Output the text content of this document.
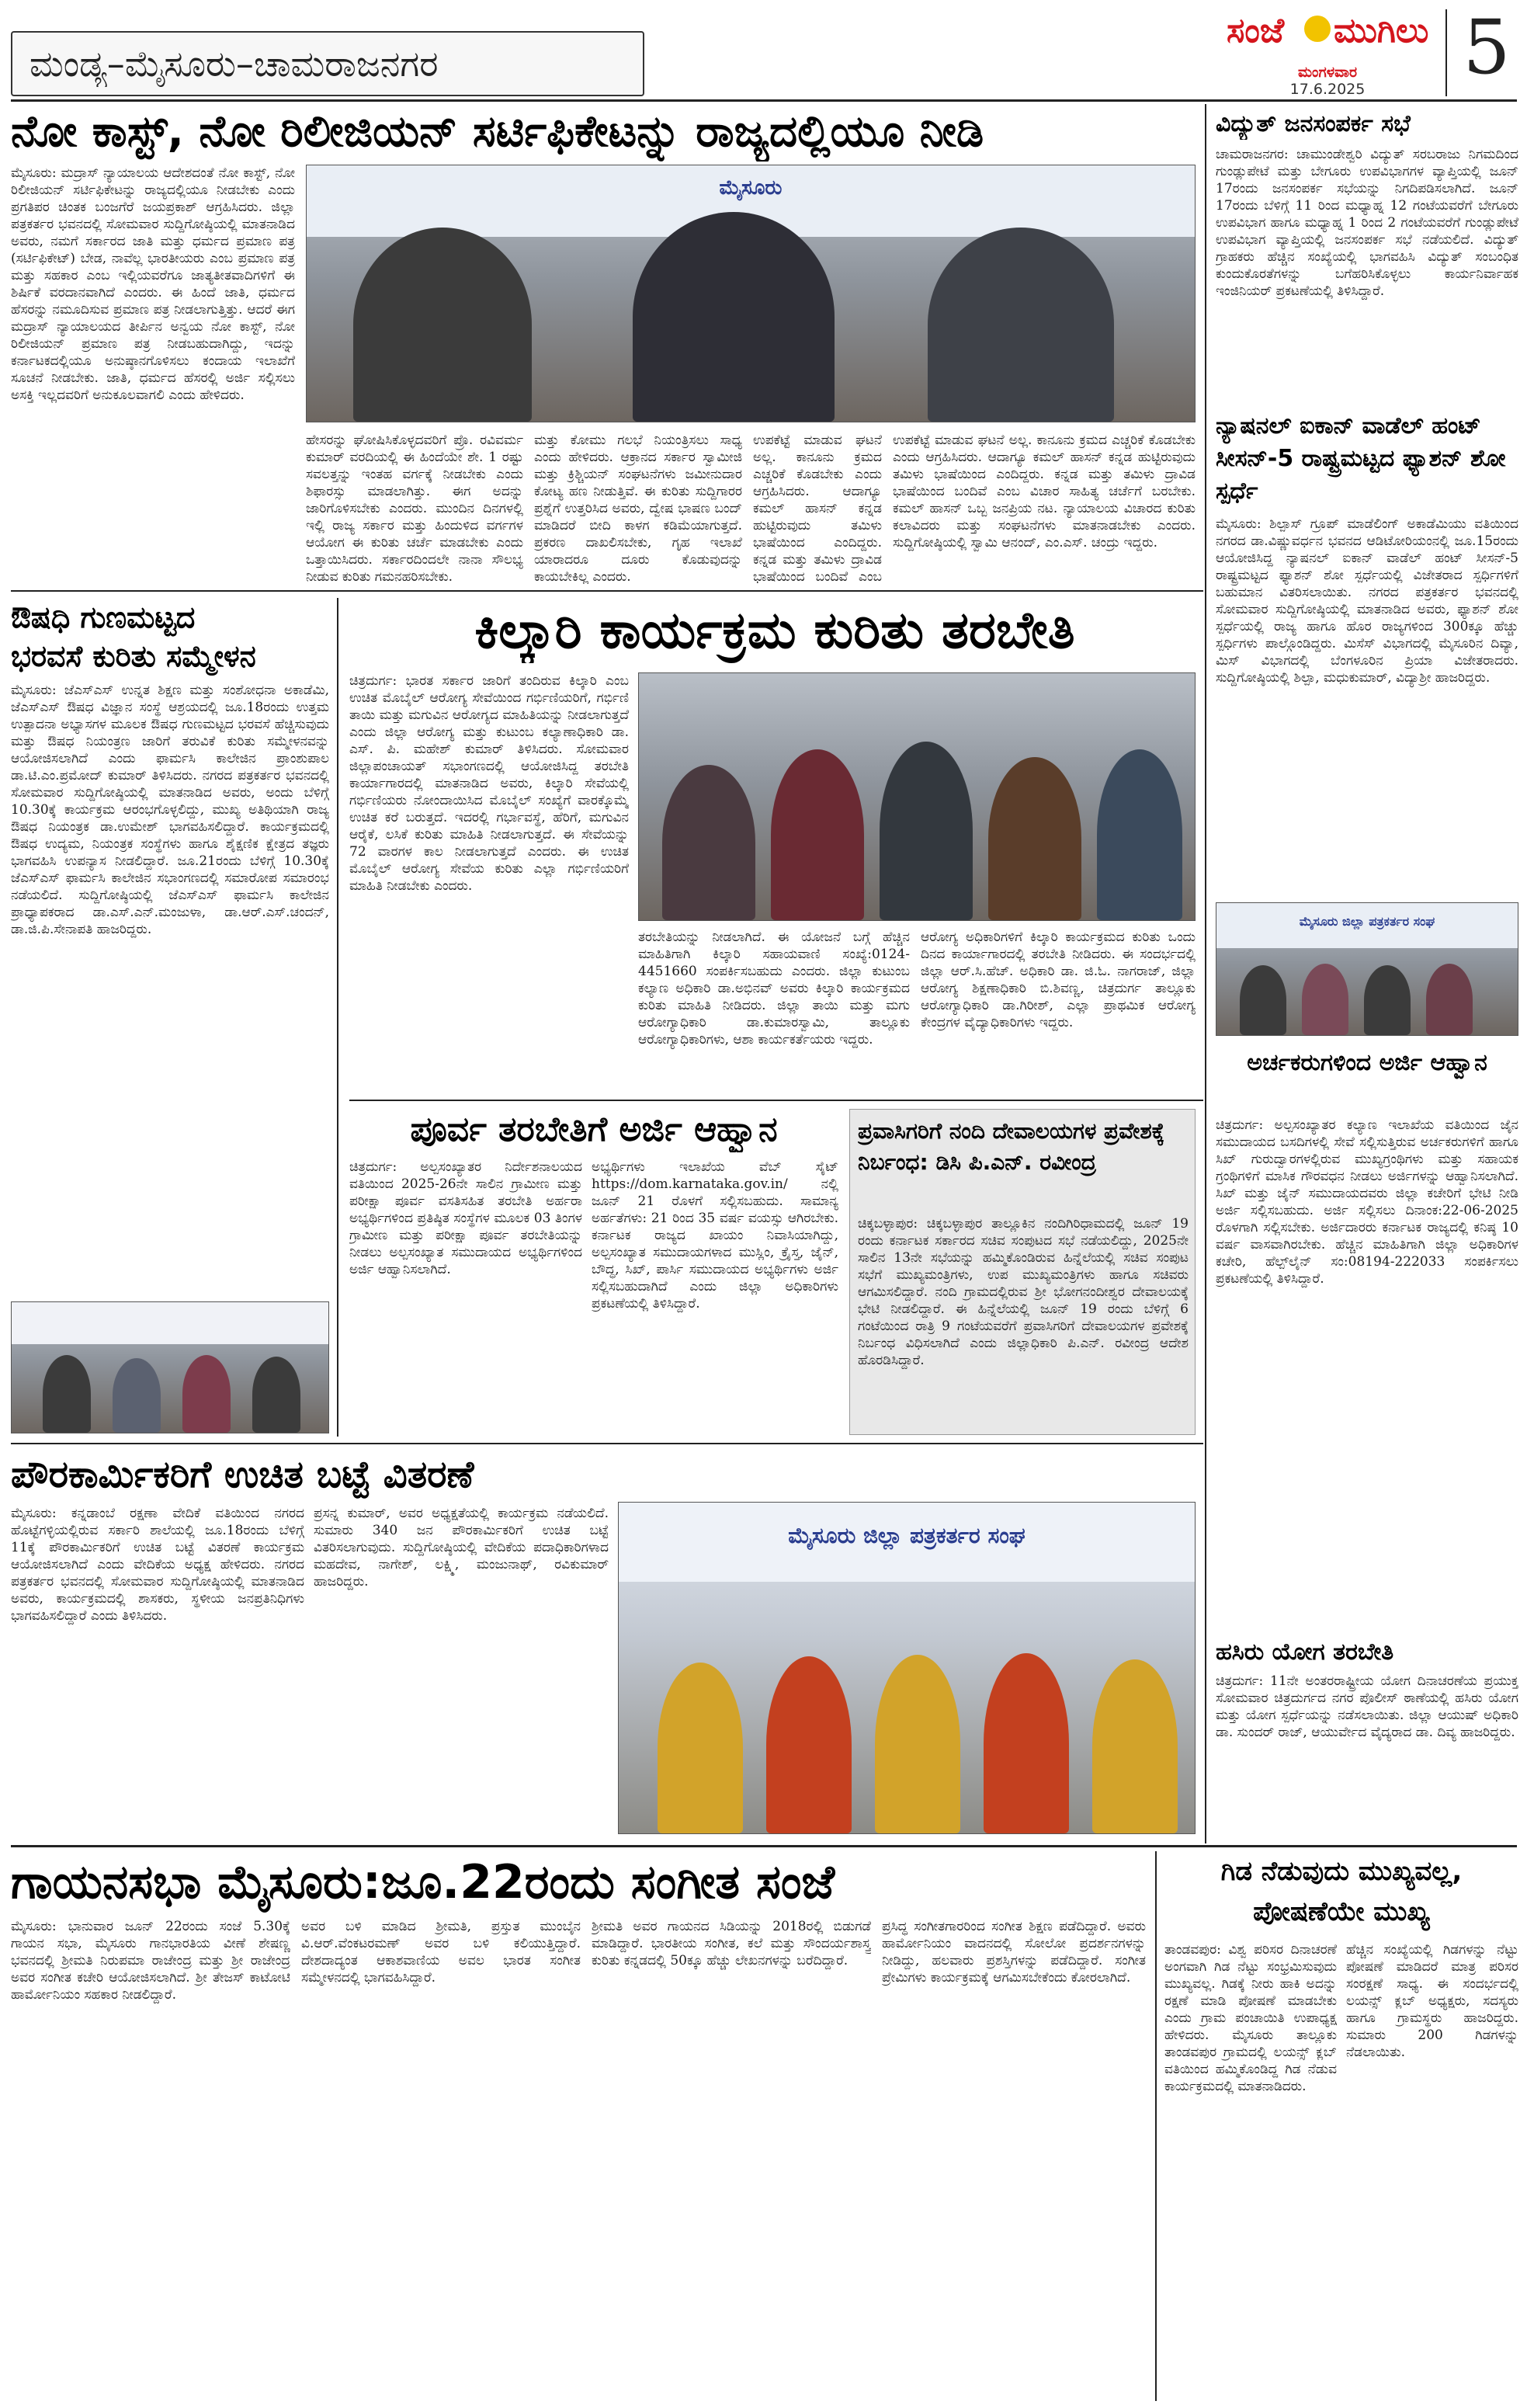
ಮಂಡ್ಯ–ಮೈಸೂರು–ಚಾಮರಾಜನಗರ
ಸಂಜೆ ಮುಗಿಲು
ಮಂಗಳವಾರ
17.6.2025 5
ನೋ ಕಾಸ್ಟ್, ನೋ ರಿಲೀಜಿಯನ್ ಸರ್ಟಿಫಿಕೇಟನ್ನು ರಾಜ್ಯದಲ್ಲಿಯೂ ನೀಡಿ
ಮೈಸೂರು: ಮದ್ರಾಸ್ ನ್ಯಾಯಾಲಯ ಆದೇಶದಂತೆ ನೋ ಕಾಸ್ಟ್, ನೋ ರಿಲೀಜಿಯನ್ ಸರ್ಟಿಫಿಕೇಟನ್ನು ರಾಜ್ಯದಲ್ಲಿಯೂ ನೀಡಬೇಕು ಎಂದು ಪ್ರಗತಿಪರ ಚಿಂತಕ ಬಂಜಗೆರೆ ಜಯಪ್ರಕಾಶ್ ಆಗ್ರಹಿಸಿದರು. ಜಿಲ್ಲಾ ಪತ್ರಕರ್ತರ ಭವನದಲ್ಲಿ ಸೋಮವಾರ ಸುದ್ದಿಗೋಷ್ಠಿಯಲ್ಲಿ ಮಾತನಾಡಿದ ಅವರು, ನಮಗೆ ಸರ್ಕಾರದ ಜಾತಿ ಮತ್ತು ಧರ್ಮದ ಪ್ರಮಾಣ ಪತ್ರ (ಸರ್ಟಿಫಿಕೇಟ್) ಬೇಡ, ನಾವೆಲ್ಲ ಭಾರತೀಯರು ಎಂಬ ಪ್ರಮಾಣ ಪತ್ರ ಮತ್ತು ಸಹಕಾರ ಎಂಬ ಇಲ್ಲಿಯವರೆಗೂ ಜಾತ್ಯತೀತವಾದಿಗಳಿಗೆ ಈ ಶಿರ್ಷಿಕೆ ವರದಾನವಾಗಿದೆ ಎಂದರು. ಈ ಹಿಂದೆ ಜಾತಿ, ಧರ್ಮದ ಹೆಸರನ್ನು ನಮೂದಿಸುವ ಪ್ರಮಾಣ ಪತ್ರ ನೀಡಲಾಗುತ್ತಿತ್ತು. ಆದರೆ ಈಗ ಮದ್ರಾಸ್ ನ್ಯಾಯಾಲಯದ ತೀರ್ಪಿನ ಅನ್ವಯ ನೋ ಕಾಸ್ಟ್, ನೋ ರಿಲೀಜಿಯನ್ ಪ್ರಮಾಣ ಪತ್ರ ನೀಡಬಹುದಾಗಿದ್ದು, ಇದನ್ನು ಕರ್ನಾಟಕದಲ್ಲಿಯೂ ಅನುಷ್ಠಾನಗೊಳಿಸಲು ಕಂದಾಯ ಇಲಾಖೆಗೆ ಸೂಚನೆ ನೀಡಬೇಕು. ಜಾತಿ, ಧರ್ಮದ ಹೆಸರಲ್ಲಿ ಅರ್ಜಿ ಸಲ್ಲಿಸಲು ಅಸಕ್ತಿ ಇಲ್ಲದವರಿಗೆ ಅನುಕೂಲವಾಗಲಿ ಎಂದು ಹೇಳಿದರು.
ಮೈಸೂರು
ಹೇಸರನ್ನು ಘೋಷಿಸಿಕೊಳ್ಳದವರಿಗೆ ಪ್ರೊ. ರವಿವರ್ಮ ಕುಮಾರ್ ವರದಿಯಲ್ಲಿ ಈ ಹಿಂದೆಯೇ ಶೇ. 1 ರಷ್ಟು ಸವಲತ್ತನ್ನು ಇಂತಹ ವರ್ಗಕ್ಕೆ ನೀಡಬೇಕು ಎಂದು ಶಿಫಾರಸ್ಸು ಮಾಡಲಾಗಿತ್ತು. ಈಗ ಅದನ್ನು ಜಾರಿಗೊಳಿಸಬೇಕು ಎಂದರು. ಮುಂದಿನ ದಿನಗಳಲ್ಲಿ ಇಲ್ಲಿ ರಾಜ್ಯ ಸರ್ಕಾರ ಮತ್ತು ಹಿಂದುಳಿದ ವರ್ಗಗಳ ಆಯೋಗ ಈ ಕುರಿತು ಚರ್ಚೆ ಮಾಡಬೇಕು ಎಂದು ಒತ್ತಾಯಿಸಿದರು. ಸರ್ಕಾರದಿಂದಲೇ ನಾನಾ ಸೌಲಭ್ಯ ನೀಡುವ ಕುರಿತು ಗಮನಹರಿಸಬೇಕು.
ಮತ್ತು ಕೋಮು ಗಲಭೆ ನಿಯಂತ್ರಿಸಲು ಸಾಧ್ಯ ಎಂದು ಹೇಳಿದರು. ಆಕ್ರಾನದ ಸರ್ಕಾರ ಸ್ವಾಮೀಜಿ ಮತ್ತು ಕ್ರಿಶ್ಚಿಯನ್ ಸಂಘಟನೆಗಳು ಜಮೀನುದಾರ ಕೋಟ್ಯ ಹಣ ನೀಡುತ್ತಿವೆ. ಈ ಕುರಿತು ಸುದ್ದಿಗಾರರ ಪ್ರಶ್ನೆಗೆ ಉತ್ತರಿಸಿದ ಅವರು, ದ್ವೇಷ ಭಾಷಣ ಬಂದ್ ಮಾಡಿದರೆ ಬೀದಿ ಕಾಳಗ ಕಡಿಮೆಯಾಗುತ್ತದೆ. ಪ್ರಕರಣ ದಾಖಲಿಸಬೇಕು, ಗೃಹ ಇಲಾಖೆ ಯಾರಾದರೂ ದೂರು ಕೊಡುವುದನ್ನು ಕಾಯಬೇಕಿಲ್ಲ ಎಂದರು.
ಉಪಕೆಟ್ಟೆ ಮಾಡುವ ಘಟನೆ ಅಲ್ಲ. ಕಾನೂನು ಕ್ರಮದ ಎಚ್ಚರಿಕೆ ಕೊಡಬೇಕು ಎಂದು ಆಗ್ರಹಿಸಿದರು. ಆದಾಗ್ಯೂ ಕಮಲ್ ಹಾಸನ್ ಕನ್ನಡ ಹುಟ್ಟಿರುವುದು ತಮಿಳು ಭಾಷೆಯಿಂದ ಎಂದಿದ್ದರು. ಕನ್ನಡ ಮತ್ತು ತಮಿಳು ದ್ರಾವಿಡ ಭಾಷೆಯಿಂದ ಬಂದಿವೆ ಎಂಬ ವಿಚಾರ ಸಾಹಿತ್ಯ ಚರ್ಚೆಗೆ ಬರಬೇಕು. ಕಮಲ್ ಹಾಸನ್ ಒಬ್ಬ ಜನಪ್ರಿಯ ನಟ. ನ್ಯಾಯಾಲಯ ವಿಚಾರದ ಕುರಿತು ಕಲಾವಿದರು ಮತ್ತು ಸಂಘಟನೆಗಳು ಮಾತನಾಡಬೇಕು ಎಂದರು. ಸುದ್ದಿಗೋಷ್ಠಿಯಲ್ಲಿ ಸ್ವಾಮಿ ಆನಂದ್, ಎಂ.ಎಸ್. ಚಂದ್ರು ಇದ್ದರು.
ಉಪಕೆಟ್ಟೆ ಮಾಡುವ ಘಟನೆ ಅಲ್ಲ. ಕಾನೂನು ಕ್ರಮದ ಎಚ್ಚರಿಕೆ ಕೊಡಬೇಕು ಎಂದು ಆಗ್ರಹಿಸಿದರು. ಆದಾಗ್ಯೂ ಕಮಲ್ ಹಾಸನ್ ಕನ್ನಡ ಹುಟ್ಟಿರುವುದು ತಮಿಳು ಭಾಷೆಯಿಂದ ಎಂದಿದ್ದರು. ಕನ್ನಡ ಮತ್ತು ತಮಿಳು ದ್ರಾವಿಡ ಭಾಷೆಯಿಂದ ಬಂದಿವೆ ಎಂಬ
ವಿದ್ಯುತ್ ಜನಸಂಪರ್ಕ ಸಭೆ
ಚಾಮರಾಜನಗರ: ಚಾಮುಂಡೇಶ್ವರಿ ವಿದ್ಯುತ್ ಸರಬರಾಜು ನಿಗಮದಿಂದ ಗುಂಡ್ಲುಪೇಟೆ ಮತ್ತು ಬೇಗೂರು ಉಪವಿಭಾಗಗಳ ವ್ಯಾಪ್ತಿಯಲ್ಲಿ ಜೂನ್ 17ರಂದು ಜನಸಂಪರ್ಕ ಸಭೆಯನ್ನು ನಿಗದಿಪಡಿಸಲಾಗಿದೆ. ಜೂನ್ 17ರಂದು ಬೆಳಿಗ್ಗೆ 11 ರಿಂದ ಮಧ್ಯಾಹ್ನ 12 ಗಂಟೆಯವರೆಗೆ ಬೇಗೂರು ಉಪವಿಭಾಗ ಹಾಗೂ ಮಧ್ಯಾಹ್ನ 1 ರಿಂದ 2 ಗಂಟೆಯವರೆಗೆ ಗುಂಡ್ಲುಪೇಟೆ ಉಪವಿಭಾಗ ವ್ಯಾಪ್ತಿಯಲ್ಲಿ ಜನಸಂಪರ್ಕ ಸಭೆ ನಡೆಯಲಿದೆ. ವಿದ್ಯುತ್ ಗ್ರಾಹಕರು ಹೆಚ್ಚಿನ ಸಂಖ್ಯೆಯಲ್ಲಿ ಭಾಗವಹಿಸಿ ವಿದ್ಯುತ್ ಸಂಬಂಧಿತ ಕುಂದುಕೊರತೆಗಳನ್ನು ಬಗೆಹರಿಸಿಕೊಳ್ಳಲು ಕಾರ್ಯನಿರ್ವಾಹಕ ಇಂಜಿನಿಯರ್ ಪ್ರಕಟಣೆಯಲ್ಲಿ ತಿಳಿಸಿದ್ದಾರೆ.
ನ್ಯಾಷನಲ್ ಐಕಾನ್ ವಾಡೆಲ್ ಹಂಟ್ ಸೀಸನ್-5 ರಾಷ್ಟ್ರಮಟ್ಟದ ಫ್ಯಾಶನ್ ಶೋ ಸ್ಪರ್ಧೆ
ಮೈಸೂರು: ಶಿಲ್ಪಾಸ್ ಗ್ರೂಪ್ ಮಾಡೆಲಿಂಗ್ ಅಕಾಡೆಮಿಯು ವತಿಯಿಂದ ನಗರದ ಡಾ.ವಿಷ್ಣುವರ್ಧನ ಭವನದ ಆಡಿಟೋರಿಯಂನಲ್ಲಿ ಜೂ.15ರಂದು ಆಯೋಜಿಸಿದ್ದ ನ್ಯಾಷನಲ್ ಐಕಾನ್ ವಾಡೆಲ್ ಹಂಟ್ ಸೀಸನ್-5 ರಾಷ್ಟ್ರಮಟ್ಟದ ಫ್ಯಾಶನ್ ಶೋ ಸ್ಪರ್ಧೆಯಲ್ಲಿ ವಿಜೇತರಾದ ಸ್ಪರ್ಧಿಗಳಿಗೆ ಬಹುಮಾನ ವಿತರಿಸಲಾಯಿತು. ನಗರದ ಪತ್ರಕರ್ತರ ಭವನದಲ್ಲಿ ಸೋಮವಾರ ಸುದ್ದಿಗೋಷ್ಠಿಯಲ್ಲಿ ಮಾತನಾಡಿದ ಅವರು, ಫ್ಯಾಶನ್ ಶೋ ಸ್ಪರ್ಧೆಯಲ್ಲಿ ರಾಜ್ಯ ಹಾಗೂ ಹೊರ ರಾಜ್ಯಗಳಿಂದ 300ಕ್ಕೂ ಹೆಚ್ಚು ಸ್ಪರ್ಧಿಗಳು ಪಾಲ್ಗೊಂಡಿದ್ದರು. ಮಿಸೆಸ್ ವಿಭಾಗದಲ್ಲಿ ಮೈಸೂರಿನ ದಿವ್ಯಾ, ಮಿಸ್ ವಿಭಾಗದಲ್ಲಿ ಬೆಂಗಳೂರಿನ ಪ್ರಿಯಾ ವಿಜೇತರಾದರು. ಸುದ್ದಿಗೋಷ್ಠಿಯಲ್ಲಿ ಶಿಲ್ಪಾ, ಮಧುಕುಮಾರ್, ವಿದ್ಯಾಶ್ರೀ ಹಾಜರಿದ್ದರು.
ಮೈಸೂರು ಜಿಲ್ಲಾ ಪತ್ರಕರ್ತರ ಸಂಘ
ಅರ್ಚಕರುಗಳಿಂದ ಅರ್ಜಿ ಆಹ್ವಾನ
ಚಿತ್ರದುರ್ಗ: ಅಲ್ಪಸಂಖ್ಯಾತರ ಕಲ್ಯಾಣ ಇಲಾಖೆಯ ವತಿಯಿಂದ ಜೈನ ಸಮುದಾಯದ ಬಸದಿಗಳಲ್ಲಿ ಸೇವೆ ಸಲ್ಲಿಸುತ್ತಿರುವ ಅರ್ಚಕರುಗಳಿಗೆ ಹಾಗೂ ಸಿಖ್ ಗುರುದ್ವಾರಗಳಲ್ಲಿರುವ ಮುಖ್ಯಗ್ರಂಥಿಗಳು ಮತ್ತು ಸಹಾಯಕ ಗ್ರಂಥಿಗಳಿಗೆ ಮಾಸಿಕ ಗೌರವಧನ ನೀಡಲು ಅರ್ಜಿಗಳನ್ನು ಆಹ್ವಾನಿಸಲಾಗಿದೆ. ಸಿಖ್ ಮತ್ತು ಜೈನ್ ಸಮುದಾಯದವರು ಜಿಲ್ಲಾ ಕಚೇರಿಗೆ ಭೇಟಿ ನೀಡಿ ಅರ್ಜಿ ಸಲ್ಲಿಸಬಹುದು. ಅರ್ಜಿ ಸಲ್ಲಿಸಲು ದಿನಾಂಕ:22-06-2025 ರೊಳಗಾಗಿ ಸಲ್ಲಿಸಬೇಕು. ಅರ್ಜಿದಾರರು ಕರ್ನಾಟಕ ರಾಜ್ಯದಲ್ಲಿ ಕನಿಷ್ಠ 10 ವರ್ಷ ವಾಸವಾಗಿರಬೇಕು. ಹೆಚ್ಚಿನ ಮಾಹಿತಿಗಾಗಿ ಜಿಲ್ಲಾ ಅಧಿಕಾರಿಗಳ ಕಚೇರಿ, ಹೆಲ್ಪ್‌ಲೈನ್ ಸಂ:08194-222033 ಸಂಪರ್ಕಿಸಲು ಪ್ರಕಟಣೆಯಲ್ಲಿ ತಿಳಿಸಿದ್ದಾರೆ.
ಹಸಿರು ಯೋಗ ತರಬೇತಿ
ಚಿತ್ರದುರ್ಗ: 11ನೇ ಅಂತರರಾಷ್ಟ್ರೀಯ ಯೋಗ ದಿನಾಚರಣೆಯ ಪ್ರಯುಕ್ತ ಸೋಮವಾರ ಚಿತ್ರದುರ್ಗದ ನಗರ ಪೊಲೀಸ್ ಠಾಣೆಯಲ್ಲಿ ಹಸಿರು ಯೋಗ ಮತ್ತು ಯೋಗ ಸ್ಪರ್ಧೆಯನ್ನು ನಡೆಸಲಾಯಿತು. ಜಿಲ್ಲಾ ಆಯುಷ್ ಅಧಿಕಾರಿ ಡಾ. ಸುಂದರ್ ರಾಜ್, ಆಯುರ್ವೇದ ವೈದ್ಯರಾದ ಡಾ. ದಿವ್ಯ ಹಾಜರಿದ್ದರು.
ಔಷಧಿ ಗುಣಮಟ್ಟದ
ಭರವಸೆ ಕುರಿತು ಸಮ್ಮೇಳನ
ಮೈಸೂರು: ಜೆಎಸ್‌ಎಸ್ ಉನ್ನತ ಶಿಕ್ಷಣ ಮತ್ತು ಸಂಶೋಧನಾ ಅಕಾಡೆಮಿ, ಜೆಎಸ್‌ಎಸ್ ಔಷಧ ವಿಜ್ಞಾನ ಸಂಸ್ಥೆ ಆಶ್ರಯದಲ್ಲಿ ಜೂ.18ರಂದು ಉತ್ತಮ ಉತ್ಪಾದನಾ ಅಭ್ಯಾಸಗಳ ಮೂಲಕ ಔಷಧ ಗುಣಮಟ್ಟದ ಭರವಸೆ ಹೆಚ್ಚಿಸುವುದು ಮತ್ತು ಔಷಧ ನಿಯಂತ್ರಣ ಜಾರಿಗೆ ತರುವಿಕೆ ಕುರಿತು ಸಮ್ಮೇಳನವನ್ನು ಆಯೋಜಿಸಲಾಗಿದೆ ಎಂದು ಫಾರ್ಮಸಿ ಕಾಲೇಜಿನ ಪ್ರಾಂಶುಪಾಲ ಡಾ.ಟಿ.ಎಂ.ಪ್ರಮೋದ್ ಕುಮಾರ್ ತಿಳಿಸಿದರು. ನಗರದ ಪತ್ರಕರ್ತರ ಭವನದಲ್ಲಿ ಸೋಮವಾರ ಸುದ್ದಿಗೋಷ್ಠಿಯಲ್ಲಿ ಮಾತನಾಡಿದ ಅವರು, ಅಂದು ಬೆಳಿಗ್ಗೆ 10.30ಕ್ಕೆ ಕಾರ್ಯಕ್ರಮ ಆರಂಭಗೊಳ್ಳಲಿದ್ದು, ಮುಖ್ಯ ಅತಿಥಿಯಾಗಿ ರಾಜ್ಯ ಔಷಧ ನಿಯಂತ್ರಕ ಡಾ.ಉಮೇಶ್ ಭಾಗವಹಿಸಲಿದ್ದಾರೆ. ಕಾರ್ಯಕ್ರಮದಲ್ಲಿ ಔಷಧ ಉದ್ಯಮ, ನಿಯಂತ್ರಕ ಸಂಸ್ಥೆಗಳು ಹಾಗೂ ಶೈಕ್ಷಣಿಕ ಕ್ಷೇತ್ರದ ತಜ್ಞರು ಭಾಗವಹಿಸಿ ಉಪನ್ಯಾಸ ನೀಡಲಿದ್ದಾರೆ. ಜೂ.21ರಂದು ಬೆಳಿಗ್ಗೆ 10.30ಕ್ಕೆ ಜೆಎಸ್‌ಎಸ್ ಫಾರ್ಮಸಿ ಕಾಲೇಜಿನ ಸಭಾಂಗಣದಲ್ಲಿ ಸಮಾರೋಪ ಸಮಾರಂಭ ನಡೆಯಲಿದೆ. ಸುದ್ದಿಗೋಷ್ಠಿಯಲ್ಲಿ ಜೆಎಸ್‌ಎಸ್ ಫಾರ್ಮಸಿ ಕಾಲೇಜಿನ ಪ್ರಾಧ್ಯಾಪಕರಾದ ಡಾ.ಎಸ್.ಎನ್.ಮಂಜುಳಾ, ಡಾ.ಆರ್.ಎಸ್.ಚಂದನ್, ಡಾ.ಜಿ.ಪಿ.ಸೇನಾಪತಿ ಹಾಜರಿದ್ದರು.
ಕಿಲ್ಕಾರಿ ಕಾರ್ಯಕ್ರಮ ಕುರಿತು ತರಬೇತಿ
ಚಿತ್ರದುರ್ಗ: ಭಾರತ ಸರ್ಕಾರ ಜಾರಿಗೆ ತಂದಿರುವ ಕಿಲ್ಕಾರಿ ಎಂಬ ಉಚಿತ ಮೊಬೈಲ್ ಆರೋಗ್ಯ ಸೇವೆಯಿಂದ ಗರ್ಭಿಣಿಯರಿಗೆ, ಗರ್ಭಿಣಿ ತಾಯಿ ಮತ್ತು ಮಗುವಿನ ಆರೋಗ್ಯದ ಮಾಹಿತಿಯನ್ನು ನೀಡಲಾಗುತ್ತದೆ ಎಂದು ಜಿಲ್ಲಾ ಆರೋಗ್ಯ ಮತ್ತು ಕುಟುಂಬ ಕಲ್ಯಾಣಾಧಿಕಾರಿ ಡಾ. ಎಸ್. ಪಿ. ಮಹೇಶ್ ಕುಮಾರ್ ತಿಳಿಸಿದರು. ಸೋಮವಾರ ಜಿಲ್ಲಾಪಂಚಾಯತ್ ಸಭಾಂಗಣದಲ್ಲಿ ಆಯೋಜಿಸಿದ್ದ ತರಬೇತಿ ಕಾರ್ಯಾಗಾರದಲ್ಲಿ ಮಾತನಾಡಿದ ಅವರು, ಕಿಲ್ಕಾರಿ ಸೇವೆಯಲ್ಲಿ ಗರ್ಭಿಣಿಯರು ನೋಂದಾಯಿಸಿದ ಮೊಬೈಲ್ ಸಂಖ್ಯೆಗೆ ವಾರಕ್ಕೊಮ್ಮೆ ಉಚಿತ ಕರೆ ಬರುತ್ತದೆ. ಇದರಲ್ಲಿ ಗರ್ಭಾವಸ್ಥೆ, ಹೆರಿಗೆ, ಮಗುವಿನ ಆರೈಕೆ, ಲಸಿಕೆ ಕುರಿತು ಮಾಹಿತಿ ನೀಡಲಾಗುತ್ತದೆ. ಈ ಸೇವೆಯನ್ನು 72 ವಾರಗಳ ಕಾಲ ನೀಡಲಾಗುತ್ತದೆ ಎಂದರು. ಈ ಉಚಿತ ಮೊಬೈಲ್ ಆರೋಗ್ಯ ಸೇವೆಯ ಕುರಿತು ಎಲ್ಲಾ ಗರ್ಭಿಣಿಯರಿಗೆ ಮಾಹಿತಿ ನೀಡಬೇಕು ಎಂದರು.
ತರಬೇತಿಯನ್ನು ನೀಡಲಾಗಿದೆ. ಈ ಯೋಜನೆ ಬಗ್ಗೆ ಹೆಚ್ಚಿನ ಮಾಹಿತಿಗಾಗಿ ಕಿಲ್ಕಾರಿ ಸಹಾಯವಾಣಿ ಸಂಖ್ಯೆ:0124-4451660 ಸಂಪರ್ಕಿಸಬಹುದು ಎಂದರು. ಜಿಲ್ಲಾ ಕುಟುಂಬ ಕಲ್ಯಾಣ ಅಧಿಕಾರಿ ಡಾ.ಅಭಿನವ್ ಅವರು ಕಿಲ್ಕಾರಿ ಕಾರ್ಯಕ್ರಮದ ಕುರಿತು ಮಾಹಿತಿ ನೀಡಿದರು. ಜಿಲ್ಲಾ ತಾಯಿ ಮತ್ತು ಮಗು ಆರೋಗ್ಯಾಧಿಕಾರಿ ಡಾ.ಕುಮಾರಸ್ವಾಮಿ, ತಾಲ್ಲೂಕು ಆರೋಗ್ಯಾಧಿಕಾರಿಗಳು, ಆಶಾ ಕಾರ್ಯಕರ್ತೆಯರು ಇದ್ದರು.
ಆರೋಗ್ಯ ಅಧಿಕಾರಿಗಳಿಗೆ ಕಿಲ್ಕಾರಿ ಕಾರ್ಯಕ್ರಮದ ಕುರಿತು ಒಂದು ದಿನದ ಕಾರ್ಯಾಗಾರದಲ್ಲಿ ತರಬೇತಿ ನೀಡಿದರು. ಈ ಸಂದರ್ಭದಲ್ಲಿ ಜಿಲ್ಲಾ ಆರ್.ಸಿ.ಹೆಚ್. ಅಧಿಕಾರಿ ಡಾ. ಜಿ.ಓ. ನಾಗರಾಜ್, ಜಿಲ್ಲಾ ಆರೋಗ್ಯ ಶಿಕ್ಷಣಾಧಿಕಾರಿ ಬಿ.ಶಿವಣ್ಣ, ಚಿತ್ರದುರ್ಗ ತಾಲ್ಲೂಕು ಆರೋಗ್ಯಾಧಿಕಾರಿ ಡಾ.ಗಿರೀಶ್, ಎಲ್ಲಾ ಪ್ರಾಥಮಿಕ ಆರೋಗ್ಯ ಕೇಂದ್ರಗಳ ವೈದ್ಯಾಧಿಕಾರಿಗಳು ಇದ್ದರು.
ಪೂರ್ವ ತರಬೇತಿಗೆ ಅರ್ಜಿ ಆಹ್ವಾನ
ಚಿತ್ರದುರ್ಗ: ಅಲ್ಪಸಂಖ್ಯಾತರ ನಿರ್ದೇಶನಾಲಯದ ವತಿಯಿಂದ 2025-26ನೇ ಸಾಲಿನ ಗ್ರಾಮೀಣ ಮತ್ತು ಪರೀಕ್ಷಾ ಪೂರ್ವ ವಸತಿಸಹಿತ ತರಬೇತಿ ಅರ್ಹರಾ ಅಭ್ಯರ್ಥಿಗಳಿಂದ ಪ್ರತಿಷ್ಠಿತ ಸಂಸ್ಥೆಗಳ ಮೂಲಕ 03 ತಿಂಗಳ ಗ್ರಾಮೀಣ ಮತ್ತು ಪರೀಕ್ಷಾ ಪೂರ್ವ ತರಬೇತಿಯನ್ನು ನೀಡಲು ಅಲ್ಪಸಂಖ್ಯಾತ ಸಮುದಾಯದ ಅಭ್ಯರ್ಥಿಗಳಿಂದ ಅರ್ಜಿ ಆಹ್ವಾನಿಸಲಾಗಿದೆ.
ಅಭ್ಯರ್ಥಿಗಳು ಇಲಾಖೆಯ ವೆಬ್ ಸೈಟ್ https://dom.karnataka.gov.in/ ನಲ್ಲಿ ಜೂನ್ 21 ರೊಳಗೆ ಸಲ್ಲಿಸಬಹುದು. ಸಾಮಾನ್ಯ ಅರ್ಹತೆಗಳು: 21 ರಿಂದ 35 ವರ್ಷ ವಯಸ್ಸು ಆಗಿರಬೇಕು. ಕರ್ನಾಟಕ ರಾಜ್ಯದ ಖಾಯಂ ನಿವಾಸಿಯಾಗಿದ್ದು, ಅಲ್ಪಸಂಖ್ಯಾತ ಸಮುದಾಯಗಳಾದ ಮುಸ್ಲಿಂ, ಕ್ರೈಸ್ತ, ಜೈನ್, ಬೌದ್ಧ, ಸಿಖ್, ಪಾರ್ಸಿ ಸಮುದಾಯದ ಅಭ್ಯರ್ಥಿಗಳು ಅರ್ಜಿ ಸಲ್ಲಿಸಬಹುದಾಗಿದೆ ಎಂದು ಜಿಲ್ಲಾ ಅಧಿಕಾರಿಗಳು ಪ್ರಕಟಣೆಯಲ್ಲಿ ತಿಳಿಸಿದ್ದಾರೆ.
ಪ್ರವಾಸಿಗರಿಗೆ ನಂದಿ ದೇವಾಲಯಗಳ ಪ್ರವೇಶಕ್ಕೆ ನಿರ್ಬಂಧ: ಡಿಸಿ ಪಿ.ಎನ್. ರವೀಂದ್ರ
ಚಿಕ್ಕಬಳ್ಳಾಪುರ: ಚಿಕ್ಕಬಳ್ಳಾಪುರ ತಾಲ್ಲೂಕಿನ ನಂದಿಗಿರಿಧಾಮದಲ್ಲಿ ಜೂನ್ 19 ರಂದು ಕರ್ನಾಟಕ ಸರ್ಕಾರದ ಸಚಿವ ಸಂಪುಟದ ಸಭೆ ನಡೆಯಲಿದ್ದು, 2025ನೇ ಸಾಲಿನ 13ನೇ ಸಭೆಯನ್ನು ಹಮ್ಮಿಕೊಂಡಿರುವ ಹಿನ್ನೆಲೆಯಲ್ಲಿ ಸಚಿವ ಸಂಪುಟ ಸಭೆಗೆ ಮುಖ್ಯಮಂತ್ರಿಗಳು, ಉಪ ಮುಖ್ಯಮಂತ್ರಿಗಳು ಹಾಗೂ ಸಚಿವರು ಆಗಮಿಸಲಿದ್ದಾರೆ. ನಂದಿ ಗ್ರಾಮದಲ್ಲಿರುವ ಶ್ರೀ ಭೋಗನಂದೀಶ್ವರ ದೇವಾಲಯಕ್ಕೆ ಭೇಟಿ ನೀಡಲಿದ್ದಾರೆ. ಈ ಹಿನ್ನೆಲೆಯಲ್ಲಿ ಜೂನ್ 19 ರಂದು ಬೆಳಿಗ್ಗೆ 6 ಗಂಟೆಯಿಂದ ರಾತ್ರಿ 9 ಗಂಟೆಯವರೆಗೆ ಪ್ರವಾಸಿಗರಿಗೆ ದೇವಾಲಯಗಳ ಪ್ರವೇಶಕ್ಕೆ ನಿರ್ಬಂಧ ವಿಧಿಸಲಾಗಿದೆ ಎಂದು ಜಿಲ್ಲಾಧಿಕಾರಿ ಪಿ.ಎನ್. ರವೀಂದ್ರ ಆದೇಶ ಹೊರಡಿಸಿದ್ದಾರೆ.
ಪೌರಕಾರ್ಮಿಕರಿಗೆ ಉಚಿತ ಬಟ್ಟೆ ವಿತರಣೆ
ಮೈಸೂರು: ಕನ್ನಡಾಂಬೆ ರಕ್ಷಣಾ ವೇದಿಕೆ ವತಿಯಿಂದ ನಗರದ ಹೊಟ್ಟೆಗಳ್ಳಿಯಲ್ಲಿರುವ ಸರ್ಕಾರಿ ಶಾಲೆಯಲ್ಲಿ ಜೂ.18ರಂದು ಬೆಳಿಗ್ಗೆ 11ಕ್ಕೆ ಪೌರಕಾರ್ಮಿಕರಿಗೆ ಉಚಿತ ಬಟ್ಟೆ ವಿತರಣೆ ಕಾರ್ಯಕ್ರಮ ಆಯೋಜಿಸಲಾಗಿದೆ ಎಂದು ವೇದಿಕೆಯ ಅಧ್ಯಕ್ಷ ಹೇಳಿದರು. ನಗರದ ಪತ್ರಕರ್ತರ ಭವನದಲ್ಲಿ ಸೋಮವಾರ ಸುದ್ದಿಗೋಷ್ಠಿಯಲ್ಲಿ ಮಾತನಾಡಿದ ಅವರು, ಕಾರ್ಯಕ್ರಮದಲ್ಲಿ ಶಾಸಕರು, ಸ್ಥಳೀಯ ಜನಪ್ರತಿನಿಧಿಗಳು ಭಾಗವಹಿಸಲಿದ್ದಾರೆ ಎಂದು ತಿಳಿಸಿದರು.
ಪ್ರಸನ್ನ ಕುಮಾರ್, ಅವರ ಅಧ್ಯಕ್ಷತೆಯಲ್ಲಿ ಕಾರ್ಯಕ್ರಮ ನಡೆಯಲಿದೆ. ಸುಮಾರು 340 ಜನ ಪೌರಕಾರ್ಮಿಕರಿಗೆ ಉಚಿತ ಬಟ್ಟೆ ವಿತರಿಸಲಾಗುವುದು. ಸುದ್ದಿಗೋಷ್ಠಿಯಲ್ಲಿ ವೇದಿಕೆಯ ಪದಾಧಿಕಾರಿಗಳಾದ ಮಹದೇವ, ನಾಗೇಶ್, ಲಕ್ಷ್ಮಿ, ಮಂಜುನಾಥ್, ರವಿಕುಮಾರ್ ಹಾಜರಿದ್ದರು.
ಮೈಸೂರು ಜಿಲ್ಲಾ ಪತ್ರಕರ್ತರ ಸಂಘ
ಗಾಯನಸಭಾ ಮೈಸೂರು:ಜೂ.22ರಂದು ಸಂಗೀತ ಸಂಜೆ
ಮೈಸೂರು: ಭಾನುವಾರ ಜೂನ್ 22ರಂದು ಸಂಜೆ 5.30ಕ್ಕೆ ಗಾಯನ ಸಭಾ, ಮೈಸೂರು ಗಾನಭಾರತಿಯ ವೀಣೆ ಶೇಷಣ್ಣ ಭವನದಲ್ಲಿ ಶ್ರೀಮತಿ ನಿರುಪಮಾ ರಾಜೇಂದ್ರ ಮತ್ತು ಶ್ರೀ ರಾಜೇಂದ್ರ ಅವರ ಸಂಗೀತ ಕಚೇರಿ ಆಯೋಜಿಸಲಾಗಿದೆ. ಶ್ರೀ ತೇಜಸ್ ಕಾಟೋಟಿ ಹಾರ್ಮೋನಿಯಂ ಸಹಕಾರ ನೀಡಲಿದ್ದಾರೆ.
ಅವರ ಬಳಿ ಮಾಡಿದ ಶ್ರೀಮತಿ, ಪ್ರಸ್ತುತ ಮುಂಬೈನ ವಿ.ಆರ್.ವೆಂಕಟರಮಣ್ ಅವರ ಬಳಿ ಕಲಿಯುತ್ತಿದ್ದಾರೆ. ದೇಶದಾದ್ಯಂತ ಆಕಾಶವಾಣಿಯ ಅವಲ ಭಾರತ ಸಂಗೀತ ಸಮ್ಮೇಳನದಲ್ಲಿ ಭಾಗವಹಿಸಿದ್ದಾರೆ.
ಶ್ರೀಮತಿ ಅವರ ಗಾಯನದ ಸಿಡಿಯನ್ನು 2018ರಲ್ಲಿ ಬಿಡುಗಡೆ ಮಾಡಿದ್ದಾರೆ. ಭಾರತೀಯ ಸಂಗೀತ, ಕಲೆ ಮತ್ತು ಸೌಂದರ್ಯಶಾಸ್ತ್ರ ಕುರಿತು ಕನ್ನಡದಲ್ಲಿ 50ಕ್ಕೂ ಹೆಚ್ಚು ಲೇಖನಗಳನ್ನು ಬರೆದಿದ್ದಾರೆ.
ಪ್ರಸಿದ್ಧ ಸಂಗೀತಗಾರರಿಂದ ಸಂಗೀತ ಶಿಕ್ಷಣ ಪಡೆದಿದ್ದಾರೆ. ಅವರು ಹಾರ್ಮೋನಿಯಂ ವಾದನದಲ್ಲಿ ಸೋಲೋ ಪ್ರದರ್ಶನಗಳನ್ನು ನೀಡಿದ್ದು, ಹಲವಾರು ಪ್ರಶಸ್ತಿಗಳನ್ನು ಪಡೆದಿದ್ದಾರೆ. ಸಂಗೀತ ಪ್ರೇಮಿಗಳು ಕಾರ್ಯಕ್ರಮಕ್ಕೆ ಆಗಮಿಸಬೇಕೆಂದು ಕೋರಲಾಗಿದೆ.
ಗಿಡ ನೆಡುವುದು ಮುಖ್ಯವಲ್ಲ, ಪೋಷಣೆಯೇ ಮುಖ್ಯ
ತಾಂಡವಪುರ: ವಿಶ್ವ ಪರಿಸರ ದಿನಾಚರಣೆ ಅಂಗವಾಗಿ ಗಿಡ ನೆಟ್ಟು ಸಂಭ್ರಮಿಸುವುದು ಮುಖ್ಯವಲ್ಲ. ಗಿಡಕ್ಕೆ ನೀರು ಹಾಕಿ ಅದನ್ನು ರಕ್ಷಣೆ ಮಾಡಿ ಪೋಷಣೆ ಮಾಡಬೇಕು ಎಂದು ಗ್ರಾಮ ಪಂಚಾಯಿತಿ ಉಪಾಧ್ಯಕ್ಷ ಹೇಳಿದರು. ಮೈಸೂರು ತಾಲ್ಲೂಕು ತಾಂಡವಪುರ ಗ್ರಾಮದಲ್ಲಿ ಲಯನ್ಸ್ ಕ್ಲಬ್ ವತಿಯಿಂದ ಹಮ್ಮಿಕೊಂಡಿದ್ದ ಗಿಡ ನೆಡುವ ಕಾರ್ಯಕ್ರಮದಲ್ಲಿ ಮಾತನಾಡಿದರು.
ಹೆಚ್ಚಿನ ಸಂಖ್ಯೆಯಲ್ಲಿ ಗಿಡಗಳನ್ನು ನೆಟ್ಟು ಪೋಷಣೆ ಮಾಡಿದರೆ ಮಾತ್ರ ಪರಿಸರ ಸಂರಕ್ಷಣೆ ಸಾಧ್ಯ. ಈ ಸಂದರ್ಭದಲ್ಲಿ ಲಯನ್ಸ್ ಕ್ಲಬ್ ಅಧ್ಯಕ್ಷರು, ಸದಸ್ಯರು ಹಾಗೂ ಗ್ರಾಮಸ್ಥರು ಹಾಜರಿದ್ದರು. ಸುಮಾರು 200 ಗಿಡಗಳನ್ನು ನೆಡಲಾಯಿತು.
